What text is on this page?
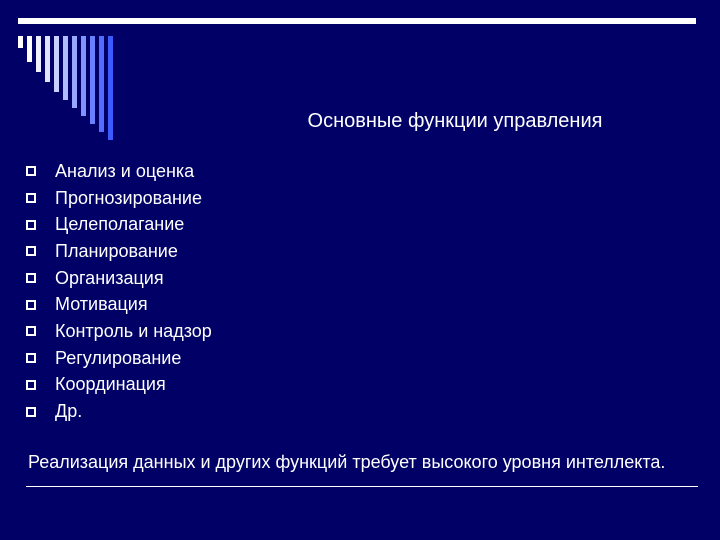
Основные функции управления
Анализ и оценка
Прогнозирование
Целеполагание
Планирование
Организация
Мотивация
Контроль и надзор
Регулирование
Координация
Др.
Реализация данных и других функций требует высокого уровня интеллекта.
